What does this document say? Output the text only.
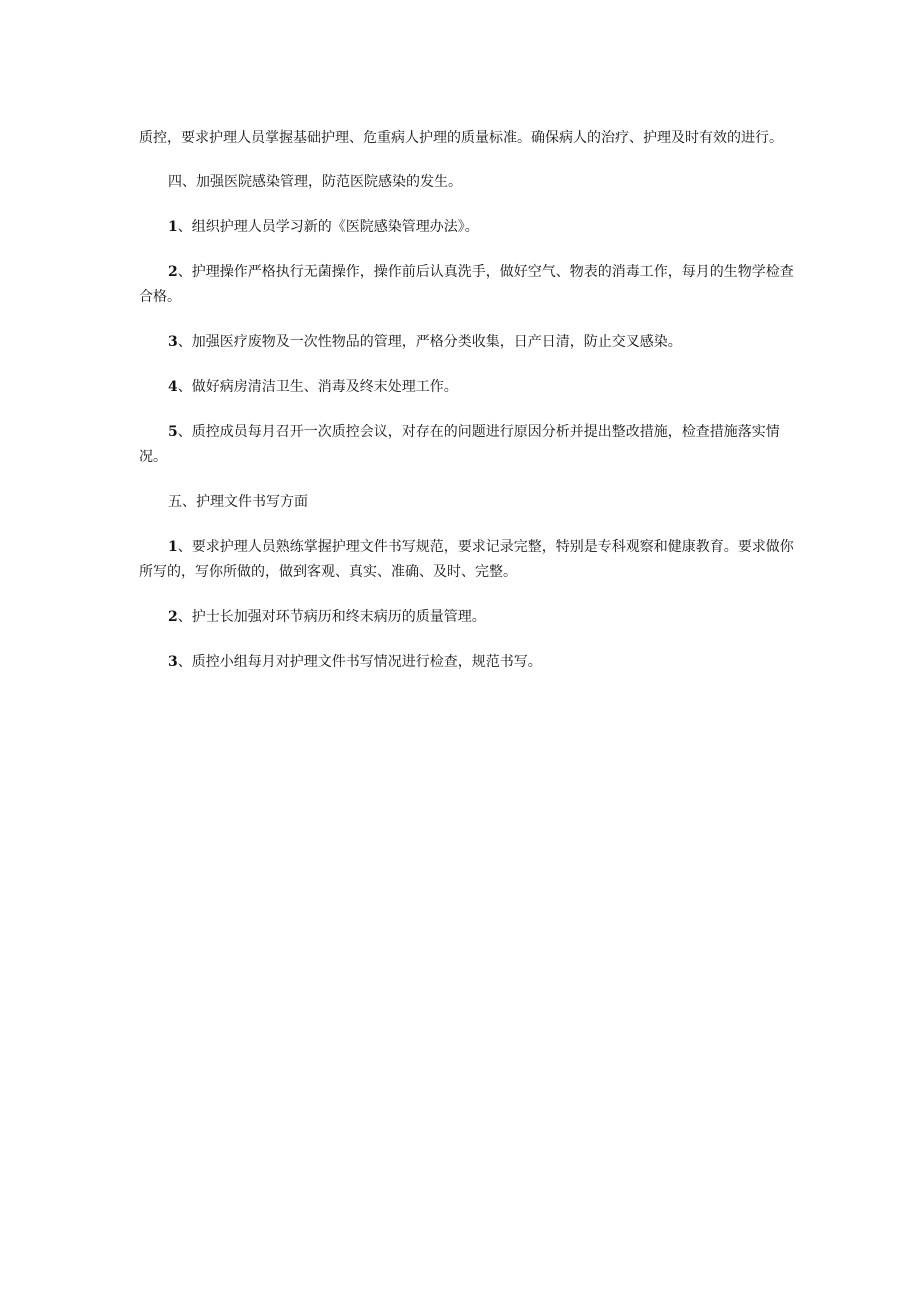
质控，要求护理人员掌握基础护理、危重病人护理的质量标准。确保病人的治疗、护理及时有效的进行。

四、加强医院感染管理，防范医院感染的发生。

1、组织护理人员学习新的《医院感染管理办法》。

2、护理操作严格执行无菌操作，操作前后认真洗手，做好空气、物表的消毒工作，每月的生物学检查合格。

3、加强医疗废物及一次性物品的管理，严格分类收集，日产日清，防止交叉感染。

4、做好病房清洁卫生、消毒及终末处理工作。

5、质控成员每月召开一次质控会议，对存在的问题进行原因分析并提出整改措施，检查措施落实情况。

五、护理文件书写方面

1、要求护理人员熟练掌握护理文件书写规范，要求记录完整，特别是专科观察和健康教育。要求做你所写的，写你所做的，做到客观、真实、准确、及时、完整。

2、护士长加强对环节病历和终末病历的质量管理。

3、质控小组每月对护理文件书写情况进行检查，规范书写。
